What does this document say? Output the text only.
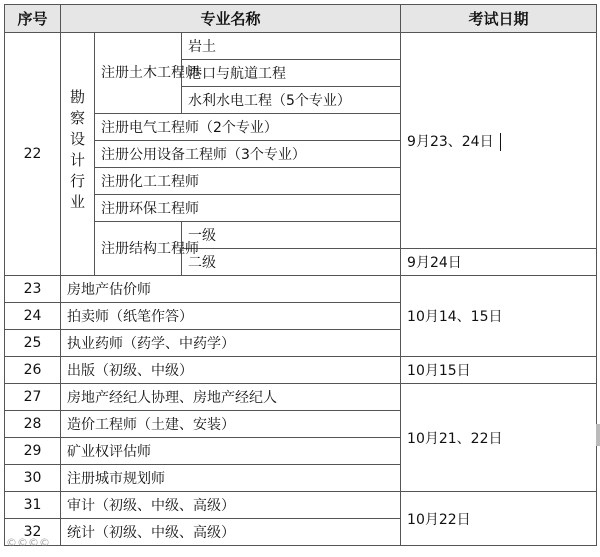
序号	专业名称			考试日期
22	勘察设计行业	注册土木工程师	岩土	9月23、24日
			港口与航道工程	
			水利水电工程（5个专业）	
		注册电气工程师（2个专业）		
		注册公用设备工程师（3个专业）		
		注册化工工程师		
		注册环保工程师		
		注册结构工程师	一级	
			二级	9月24日
23	房地产估价师			10月14、15日
24	拍卖师（纸笔作答）			
25	执业药师（药学、中药学）			
26	出版（初级、中级）			10月15日
27	房地产经纪人协理、房地产经纪人			10月21、22日
28	造价工程师（土建、安装）			
29	矿业权评估师			
30	注册城市规划师			
31	审计（初级、中级、高级）			10月22日
32	统计（初级、中级、高级）			
©©©©
